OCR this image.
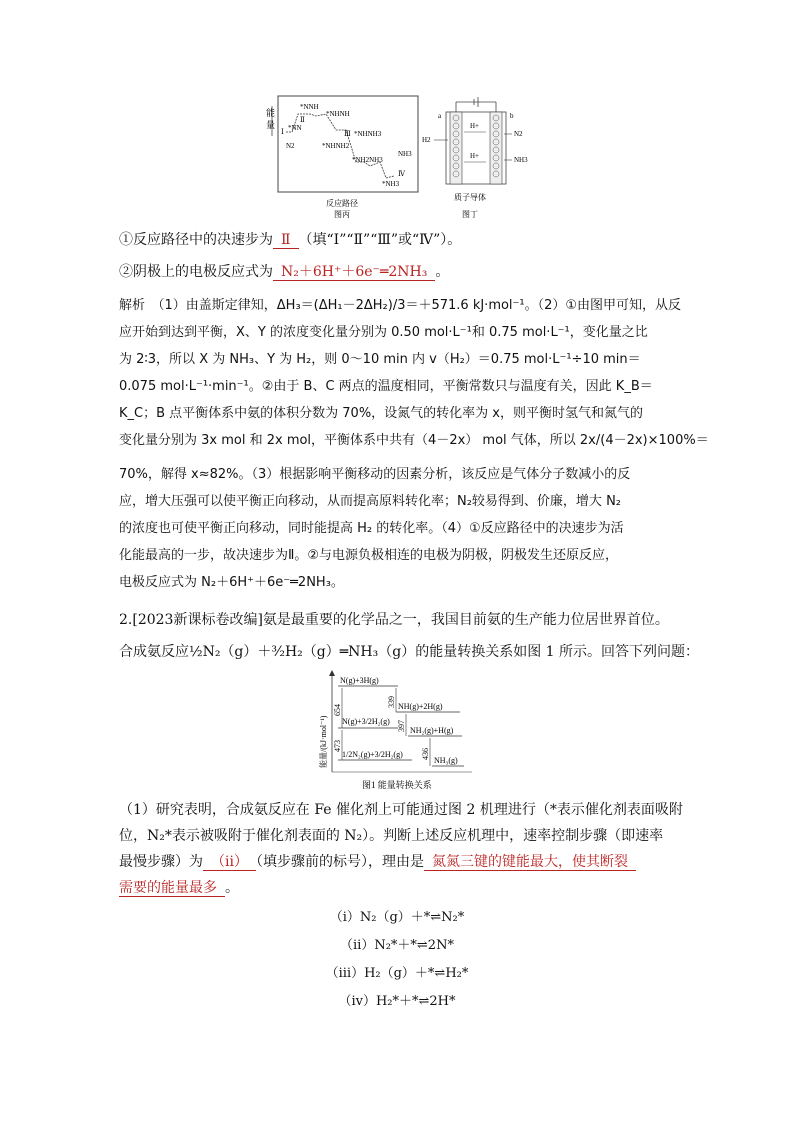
能
量
*NNH
*NHNH
*NN
N2	*NHNH2
*NHNH3
*NH2NH3
NH3
*NH3
Ⅰ
Ⅱ
Ⅲ
Ⅳ
反应路径
图丙
a	b
H2
N2
NH3
H+
H+
质子导体
图丁
①反应路径中的决速步为 Ⅱ （填“Ⅰ”“Ⅱ”“Ⅲ”或“Ⅳ”）。
②阴极上的电极反应式为 N₂＋6H⁺＋6e⁻═2NH₃ 。
解析　（1）由盖斯定律知，ΔH₃＝(ΔH₁－2ΔH₂)/3＝＋571.6 kJ·mol⁻¹。（2）①由图甲可知，从反
应开始到达到平衡，X、Y 的浓度变化量分别为 0.50 mol·L⁻¹和 0.75 mol·L⁻¹，变化量之比
为 2∶3，所以 X 为 NH₃、Y 为 H₂，则 0～10 min 内 v（H₂）＝0.75 mol·L⁻¹÷10 min＝
0.075 mol·L⁻¹·min⁻¹。②由于 B、C 两点的温度相同，平衡常数只与温度有关，因此 K_B＝
K_C；B 点平衡体系中氨的体积分数为 70%，设氮气的转化率为 x，则平衡时氢气和氮气的
变化量分别为 3x mol 和 2x mol，平衡体系中共有（4－2x） mol 气体，所以 2x/(4－2x)×100%＝
70%，解得 x≈82%。（3）根据影响平衡移动的因素分析，该反应是气体分子数减小的反
应，增大压强可以使平衡正向移动，从而提高原料转化率；N₂较易得到、价廉，增大 N₂
的浓度也可使平衡正向移动，同时能提高 H₂ 的转化率。（4）①反应路径中的决速步为活
化能最高的一步，故决速步为Ⅱ。②与电源负极相连的电极为阴极，阴极发生还原反应，
电极反应式为 N₂＋6H⁺＋6e⁻═2NH₃。
2.[2023新课标卷改编]氨是最重要的化学品之一，我国目前氨的生产能力位居世界首位。
合成氨反应½N₂（g）＋³⁄₂H₂（g）═NH₃（g）的能量转换关系如图 1 所示。回答下列问题：
能量/(kJ·mol⁻¹)
N(g)+3H(g)
N(g)+3/2H₂(g)
NH(g)+2H(g)
NH₂(g)+H(g)
1/2N₂(g)+3/2H₂(g)
NH₃(g)
654
339
397
473
436
图1 能量转换关系
（1）研究表明，合成氨反应在 Fe 催化剂上可能通过图 2 机理进行（*表示催化剂表面吸附
位，N₂*表示被吸附于催化剂表面的 N₂）。判断上述反应机理中，速率控制步骤（即速率
最慢步骤）为 （ⅱ） （填步骤前的标号），理由是 氮氮三键的键能最大，使其断裂
需要的能量最多 。
（ⅰ）N₂（g）＋*⇌N₂*
（ⅱ）N₂*＋*⇌2N*
（ⅲ）H₂（g）＋*⇌H₂*
（ⅳ）H₂*＋*⇌2H*
